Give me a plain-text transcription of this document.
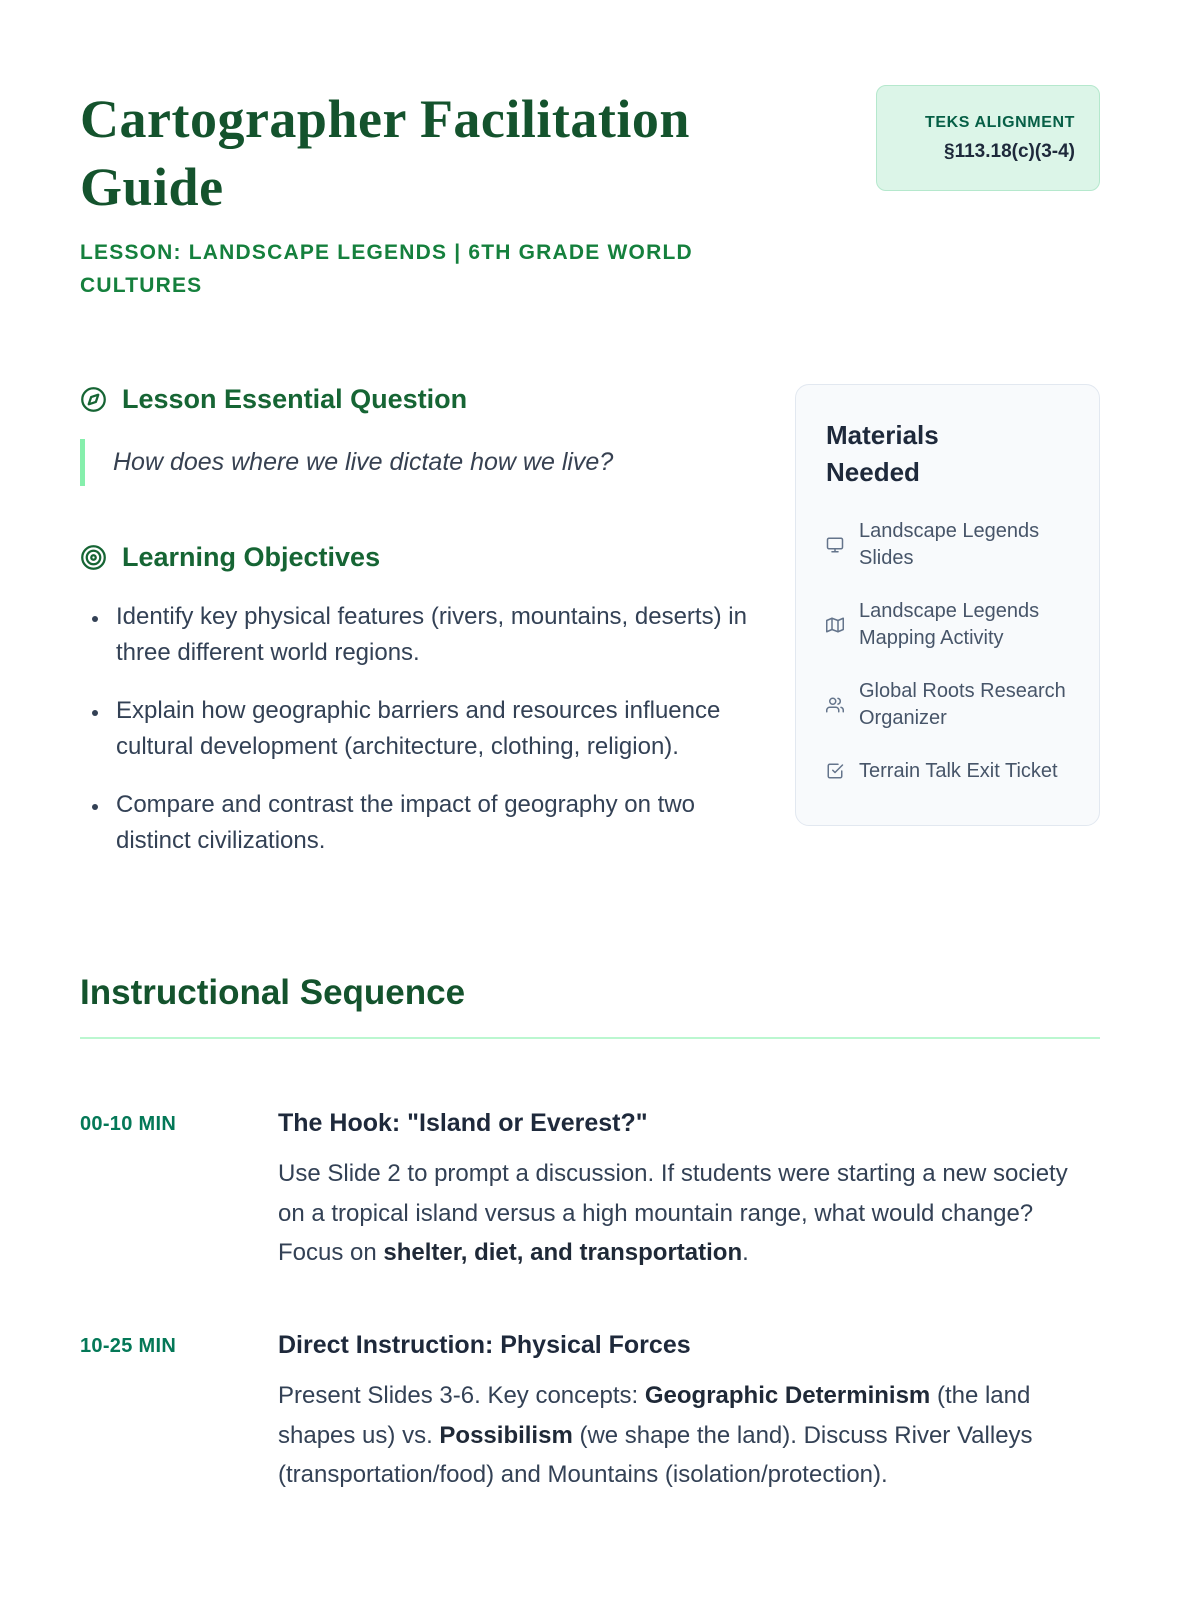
Cartographer Facilitation Guide

LESSON: LANDSCAPE LEGENDS | 6TH GRADE WORLD CULTURES

TEKS ALIGNMENT
§113.18(c)(3-4)
Lesson Essential Question
How does where we live dictate how we live?
Learning Objectives
• Identify key physical features (rivers, mountains, deserts) in three different world regions.
• Explain how geographic barriers and resources influence cultural development (architecture, clothing, religion).
• Compare and contrast the impact of geography on two distinct civilizations.
Materials Needed
Landscape Legends Slides
Landscape Legends Mapping Activity
Global Roots Research Organizer
Terrain Talk Exit Ticket
Instructional Sequence
00-10 MIN	The Hook: "Island or Everest?"

Use Slide 2 to prompt a discussion. If students were starting a new society on a tropical island versus a high mountain range, what would change? Focus on shelter, diet, and transportation.

10-25 MIN	Direct Instruction: Physical Forces

Present Slides 3-6. Key concepts: Geographic Determinism (the land shapes us) vs. Possibilism (we shape the land). Discuss River Valleys (transportation/food) and Mountains (isolation/protection).
